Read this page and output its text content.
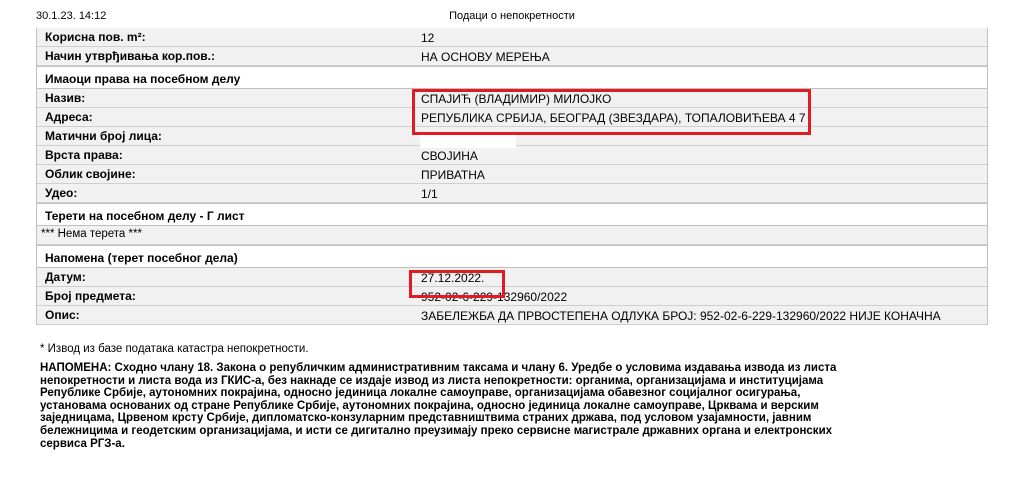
30.1.23. 14:12	Подаци о непокретности
Корисна пов. m²:	12
Начин утврђивања кор.пов.:	НА ОСНОВУ МЕРЕЊА
Имаоци права на посебном делу
Назив:	СПАЈИЋ (ВЛАДИМИР) МИЛОЈКО
Адреса:	РЕПУБЛИКА СРБИЈА, БЕОГРАД (ЗВЕЗДАРА), ТОПАЛОВИЋЕВА 4 7
Матични број лица:
Врста права:	СВОЈИНА
Облик својине:	ПРИВАТНА
Удео:	1/1
Терети на посебном делу - Г лист
*** Нема терета ***
Напомена (терет посебног дела)
Датум:	27.12.2022.
Број предмета:	952-02-6-229-132960/2022
Опис:	ЗАБЕЛЕЖБА ДА ПРВОСТЕПЕНА ОДЛУКА БРОЈ: 952-02-6-229-132960/2022 НИЈЕ КОНАЧНА
* Извод из базе података катастра непокретности.

НАПОМЕНА: Сходно члану 18. Закона о републичким административним таксама и члану 6. Уредбе о условима издавања извода из листа

непокретности и листа вода из ГКИС-а, без накнаде се издаје извод из листа непокретности: органима, организацијама и институцијама

Републике Србије, аутономних покрајина, односно јединица локалне самоуправе, организацијама обавезног социјалног осигурања,

установама основаних од стране Републике Србије, аутономних покрајина, односно јединица локалне самоуправе, Црквама и верским

заједницама, Црвеном крсту Србије, дипломатско-конзуларним представништвима страних држава, под условом узајамности, јавним

бележницима и геодетским организацијама, и исти се дигитално преузимају преко сервисне магистрале државних органа и електронских

сервиса РГЗ-а.
